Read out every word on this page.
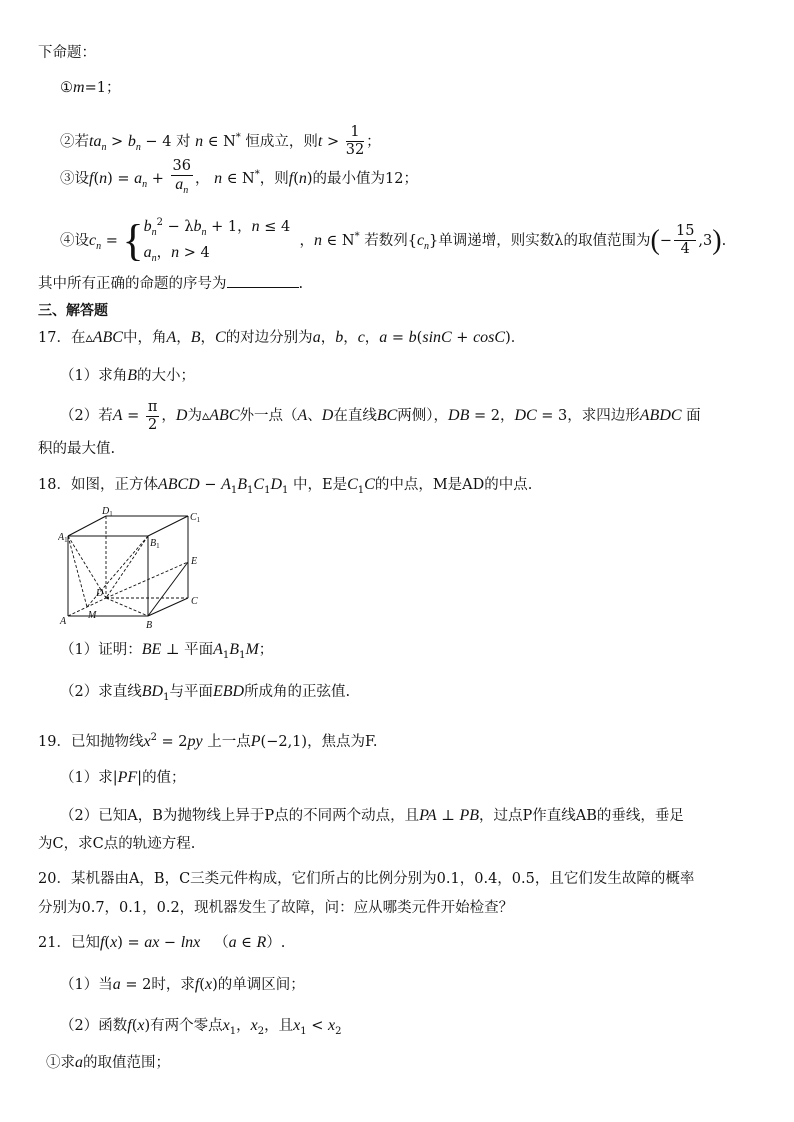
下命题：
①m=1；
②若$ta_n > b_n - 4$ 对 n ∈ N* 恒成立，则$t > \frac{1}{32}$ ；
③设$f(n) = a_n + \frac{36}{a_n}$ ， n ∈ N*，则f(n)的最小值为12；
④设$c_n$ = { $b_n^2 - \lambda b_n + 1$，n ≤ 4
$a_n$，n > 4
，n ∈ N* 若数列$\{c_n\}$单调递增，则实数λ的取值范围为(− $\frac{15}{4} ,3$).
其中所有正确的命题的序号为	.
三、解答题
17．在▵ABC中，角A，B，C的对边分别为a，b，c，a = b(sinC + cosC)．
（1）求角B的大小；
（2）若$A = \frac{\pi}{2}$ ，D为▵ABC外一点（A、D在直线BC两侧），DB = 2，DC = 3，求四边形ABDC 面
积的最大值.
18．如图，正方体ABCD − $A_1B_1C_1D_1$ 中，E是$C_1C$的中点，M是AD的中点.
$D_1$	$C_1$
$A_1$	$B_1$
E
D
C
A
M
B
（1）证明：BE ⊥ 平面$A_1B_1M$；
（2）求直线$BD_1$与平面EBD所成角的正弦值.
19．已知抛物线$x^2 = 2py$ 上一点P(−2,1)，焦点为F.
（1）求|PF|的值；
（2）已知A，B为抛物线上异于P点的不同两个动点，且PA ⊥ PB，过点P作直线AB的垂线，垂足
为C，求C点的轨迹方程.
20．某机器由A，B，C三类元件构成，它们所占的比例分别为0.1，0.4，0.5，且它们发生故障的概率
分别为0.7，0.1，0.2，现机器发生了故障，问：应从哪类元件开始检查？
21．已知f(x) = ax − lnx （a ∈ R）.
（1）当a = 2时，求f(x)的单调区间；
（2）函数f(x)有两个零点$x_1$，$x_2$，且$x_1 < x_2$
①求a的取值范围；
